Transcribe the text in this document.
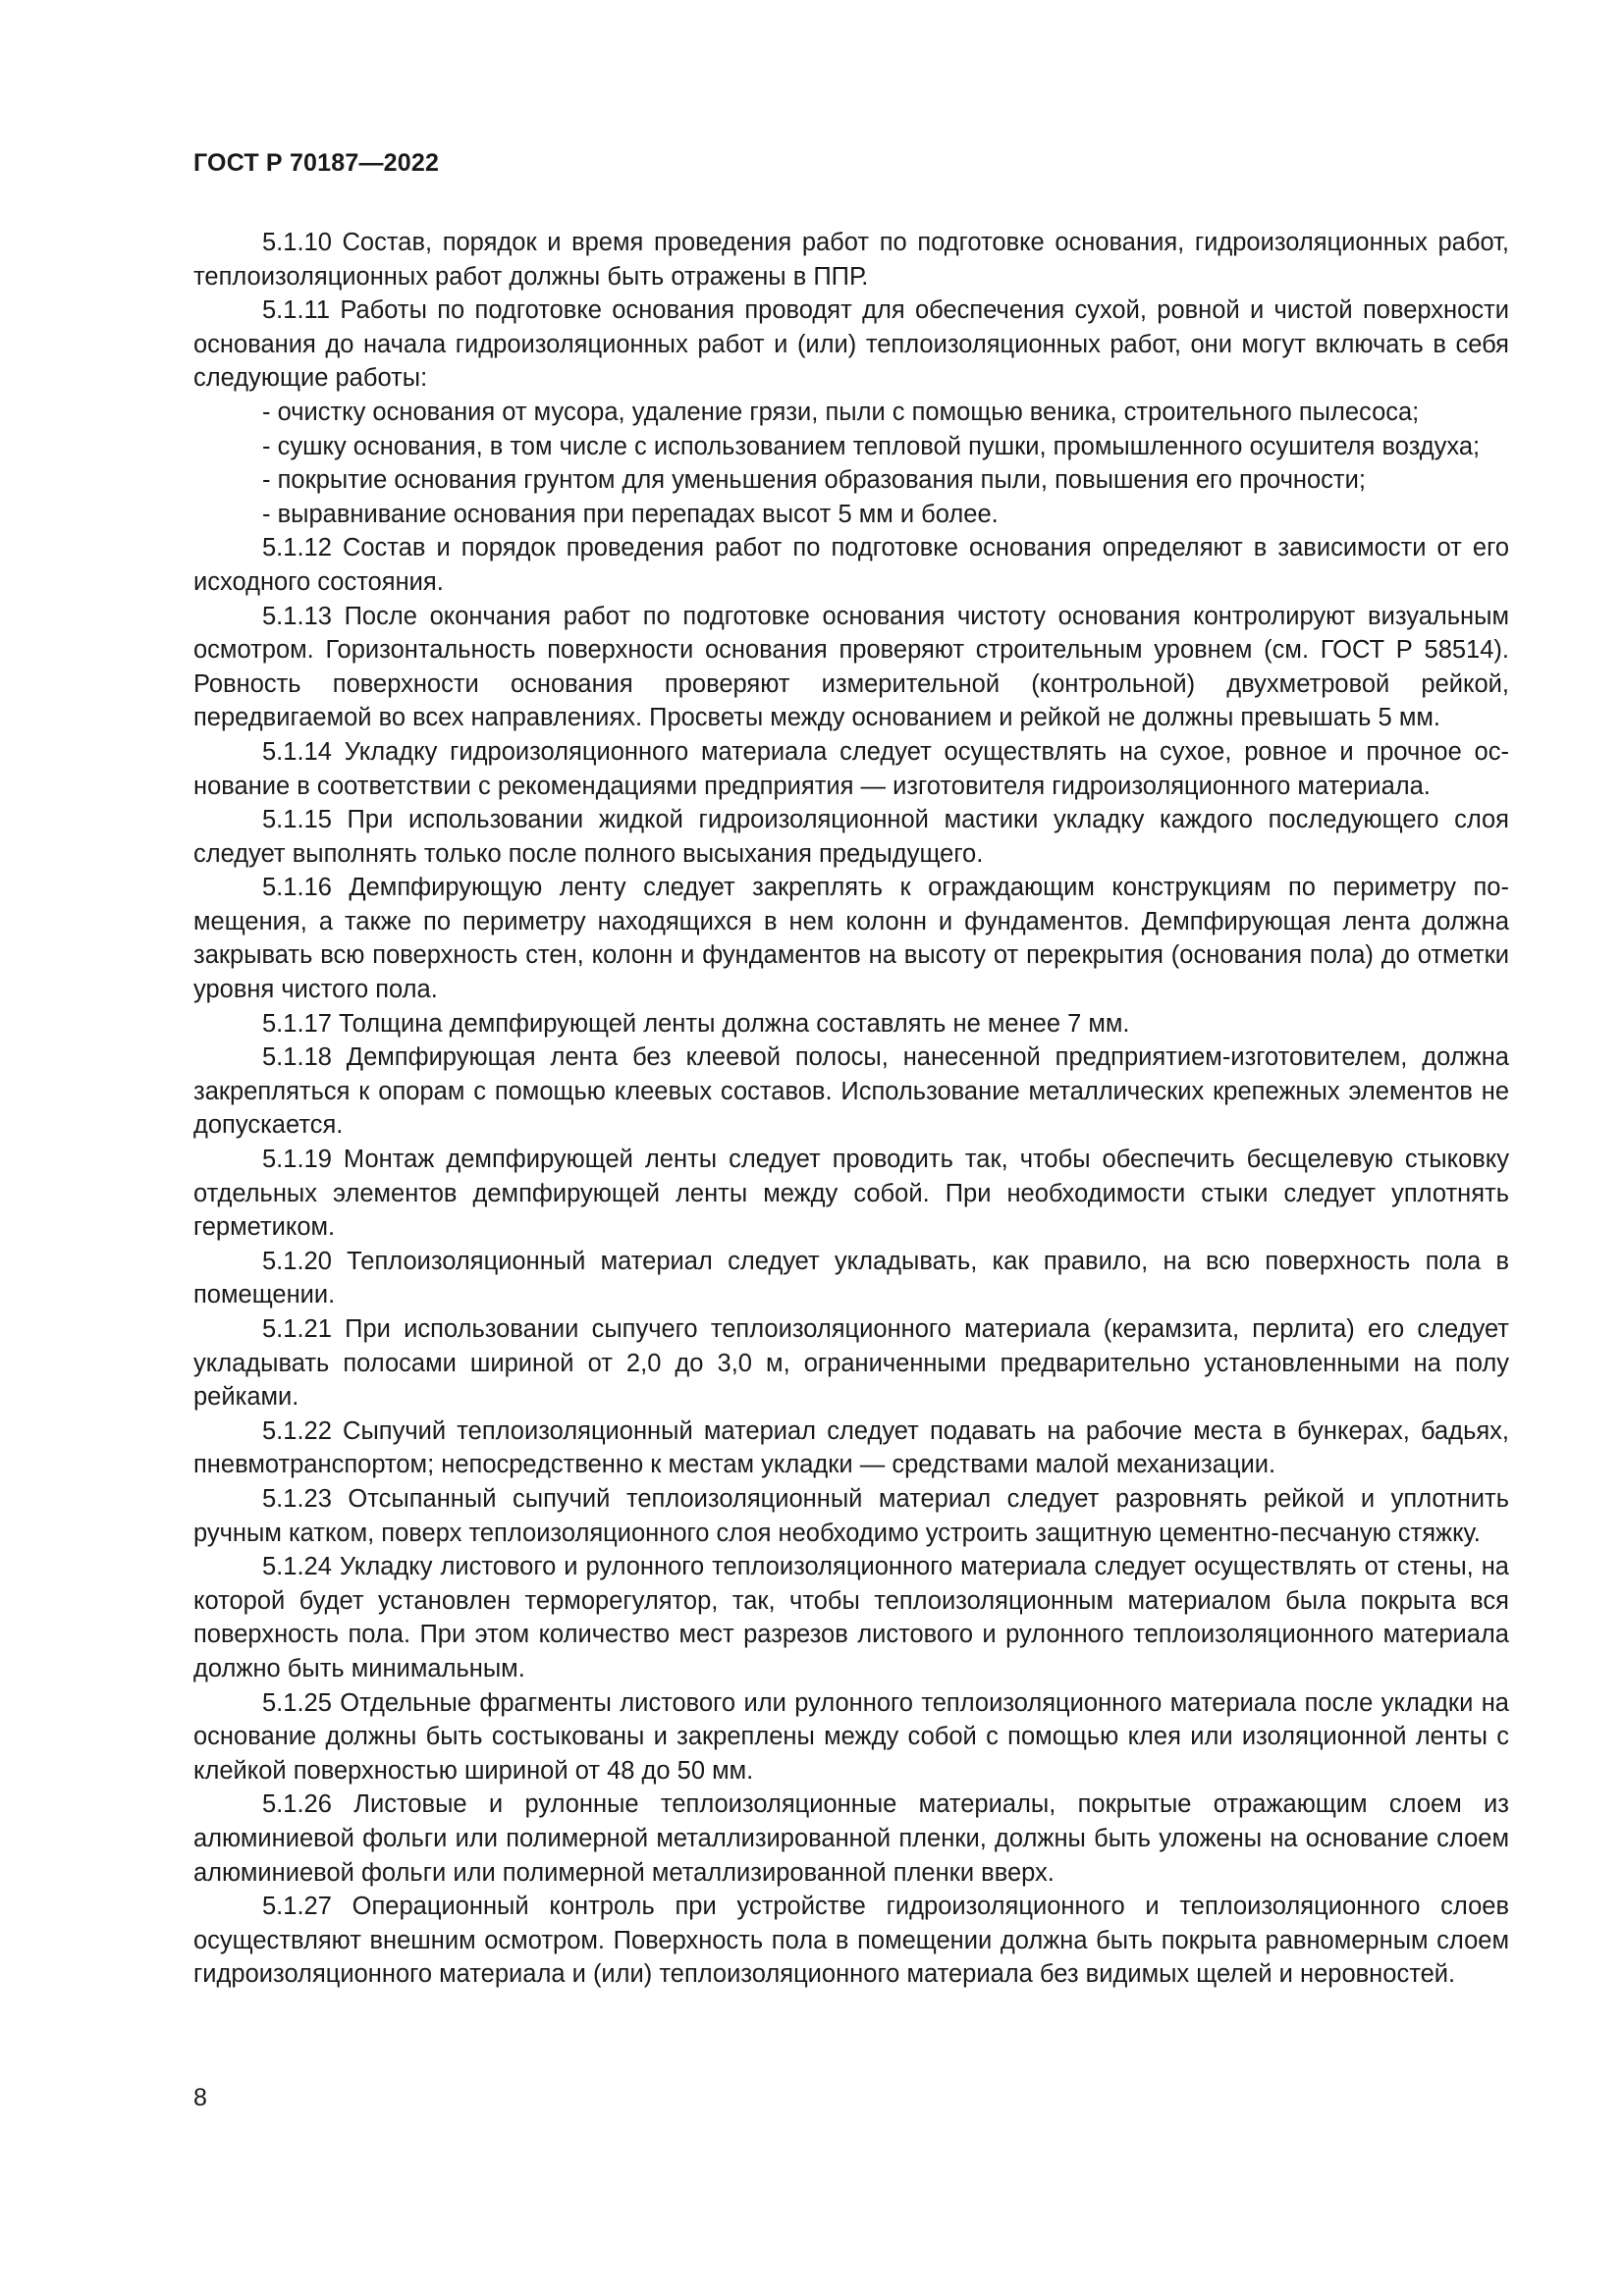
ГОСТ Р 70187—2022

5.1.10 Состав, порядок и время проведения работ по подготовке основания, гидроизоляционных работ, теплоизоляционных работ должны быть отражены в ППР.

5.1.11 Работы по подготовке основания проводят для обеспечения сухой, ровной и чистой поверхности основания до начала гидроизоляционных работ и (или) теплоизоляционных работ, они могут включать в себя следующие работы:

- очистку основания от мусора, удаление грязи, пыли с помощью веника, строительного пылесоса;

- сушку основания, в том числе с использованием тепловой пушки, промышленного осушителя воздуха;

- покрытие основания грунтом для уменьшения образования пыли, повышения его прочности;

- выравнивание основания при перепадах высот 5 мм и более.

5.1.12 Состав и порядок проведения работ по подготовке основания определяют в зависимости от его исходного состояния.

5.1.13 После окончания работ по подготовке основания чистоту основания контролируют визуальным осмотром. Горизонтальность поверхности основания проверяют строительным уровнем (см. ГОСТ Р 58514). Ровность поверхности основания проверяют измерительной (контрольной) двухметровой рейкой, передвигаемой во всех направлениях. Просветы между основанием и рейкой не должны превышать 5 мм.

5.1.14 Укладку гидроизоляционного материала следует осуществлять на сухое, ровное и прочное основание в соответствии с рекомендациями предприятия — изготовителя гидроизоляционного материала.

5.1.15 При использовании жидкой гидроизоляционной мастики укладку каждого последующего слоя следует выполнять только после полного высыхания предыдущего.

5.1.16 Демпфирующую ленту следует закреплять к ограждающим конструкциям по периметру помещения, а также по периметру находящихся в нем колонн и фундаментов. Демпфирующая лента должна закрывать всю поверхность стен, колонн и фундаментов на высоту от перекрытия (основания пола) до отметки уровня чистого пола.

5.1.17 Толщина демпфирующей ленты должна составлять не менее 7 мм.

5.1.18 Демпфирующая лента без клеевой полосы, нанесенной предприятием-изготовителем, должна закрепляться к опорам с помощью клеевых составов. Использование металлических крепежных элементов не допускается.

5.1.19 Монтаж демпфирующей ленты следует проводить так, чтобы обеспечить бесщелевую стыковку отдельных элементов демпфирующей ленты между собой. При необходимости стыки следует уплотнять герметиком.

5.1.20 Теплоизоляционный материал следует укладывать, как правило, на всю поверхность пола в помещении.

5.1.21 При использовании сыпучего теплоизоляционного материала (керамзита, перлита) его следует укладывать полосами шириной от 2,0 до 3,0 м, ограниченными предварительно установленными на полу рейками.

5.1.22 Сыпучий теплоизоляционный материал следует подавать на рабочие места в бункерах, бадьях, пневмотранспортом; непосредственно к местам укладки — средствами малой механизации.

5.1.23 Отсыпанный сыпучий теплоизоляционный материал следует разровнять рейкой и уплотнить ручным катком, поверх теплоизоляционного слоя необходимо устроить защитную цементно-песчаную стяжку.

5.1.24 Укладку листового и рулонного теплоизоляционного материала следует осуществлять от стены, на которой будет установлен терморегулятор, так, чтобы теплоизоляционным материалом была покрыта вся поверхность пола. При этом количество мест разрезов листового и рулонного теплоизоляционного материала должно быть минимальным.

5.1.25 Отдельные фрагменты листового или рулонного теплоизоляционного материала после укладки на основание должны быть состыкованы и закреплены между собой с помощью клея или изоляционной ленты с клейкой поверхностью шириной от 48 до 50 мм.

5.1.26 Листовые и рулонные теплоизоляционные материалы, покрытые отражающим слоем из алюминиевой фольги или полимерной металлизированной пленки, должны быть уложены на основание слоем алюминиевой фольги или полимерной металлизированной пленки вверх.

5.1.27 Операционный контроль при устройстве гидроизоляционного и теплоизоляционного слоев осуществляют внешним осмотром. Поверхность пола в помещении должна быть покрыта равномерным слоем гидроизоляционного материала и (или) теплоизоляционного материала без видимых щелей и неровностей.

8
